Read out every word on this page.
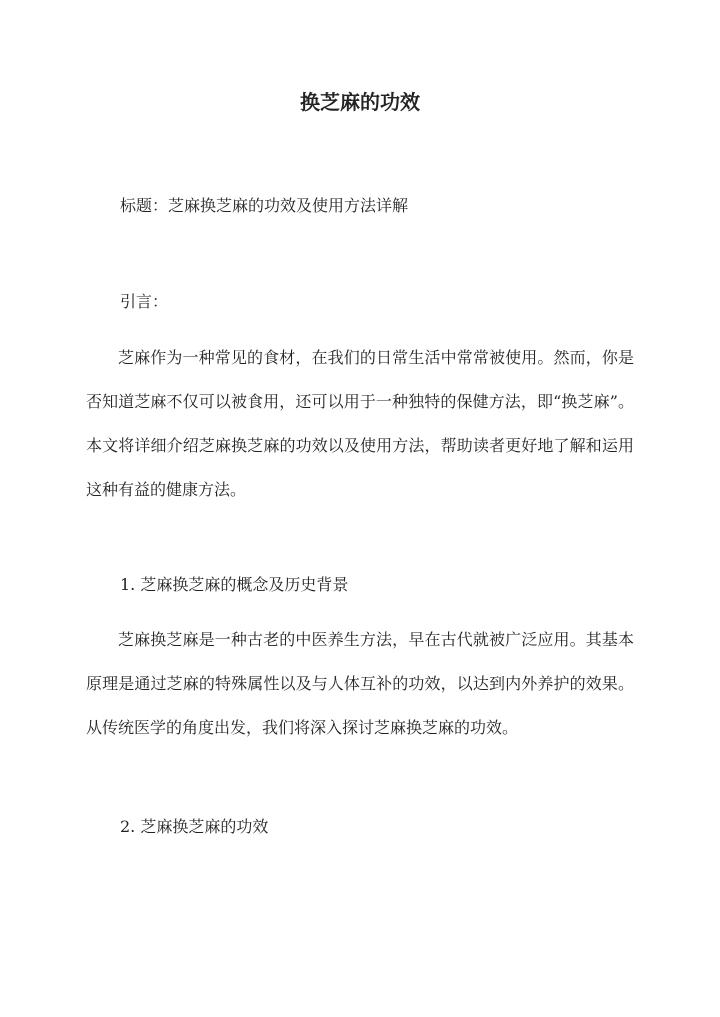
换芝麻的功效
标题：芝麻换芝麻的功效及使用方法详解
引言：
芝麻作为一种常见的食材，在我们的日常生活中常常被使用。然而，你是否知道芝麻不仅可以被食用，还可以用于一种独特的保健方法，即“换芝麻”。本文将详细介绍芝麻换芝麻的功效以及使用方法，帮助读者更好地了解和运用这种有益的健康方法。
1. 芝麻换芝麻的概念及历史背景
芝麻换芝麻是一种古老的中医养生方法，早在古代就被广泛应用。其基本原理是通过芝麻的特殊属性以及与人体互补的功效，以达到内外养护的效果。从传统医学的角度出发，我们将深入探讨芝麻换芝麻的功效。
2. 芝麻换芝麻的功效
